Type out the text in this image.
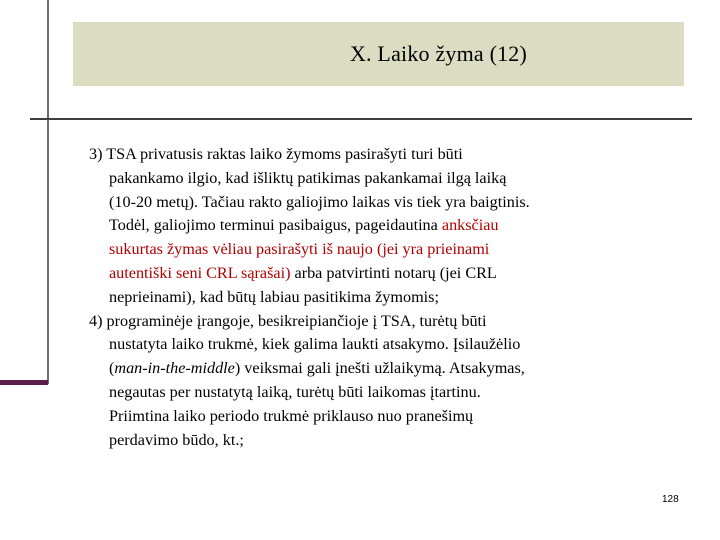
X. Laiko žyma (12)
3) TSA privatusis raktas laiko žymoms pasirašyti turi būti
pakankamo ilgio, kad išliktų patikimas pakankamai ilgą laiką
(10-20 metų). Tačiau rakto galiojimo laikas vis tiek yra baigtinis.
Todėl, galiojimo terminui pasibaigus, pageidautina anksčiau
sukurtas žymas vėliau pasirašyti iš naujo (jei yra prieinami
autentiški seni CRL sąrašai) arba patvirtinti notarų (jei CRL
neprieinami), kad būtų labiau pasitikima žymomis;
4) programinėje įrangoje, besikreipiančioje į TSA, turėtų būti
nustatyta laiko trukmė, kiek galima laukti atsakymo. Įsilaužėlio
(man-in-the-middle) veiksmai gali įnešti užlaikymą. Atsakymas,
negautas per nustatytą laiką, turėtų būti laikomas įtartinu.
Priimtina laiko periodo trukmė priklauso nuo pranešimų
perdavimo būdo, kt.;
128
